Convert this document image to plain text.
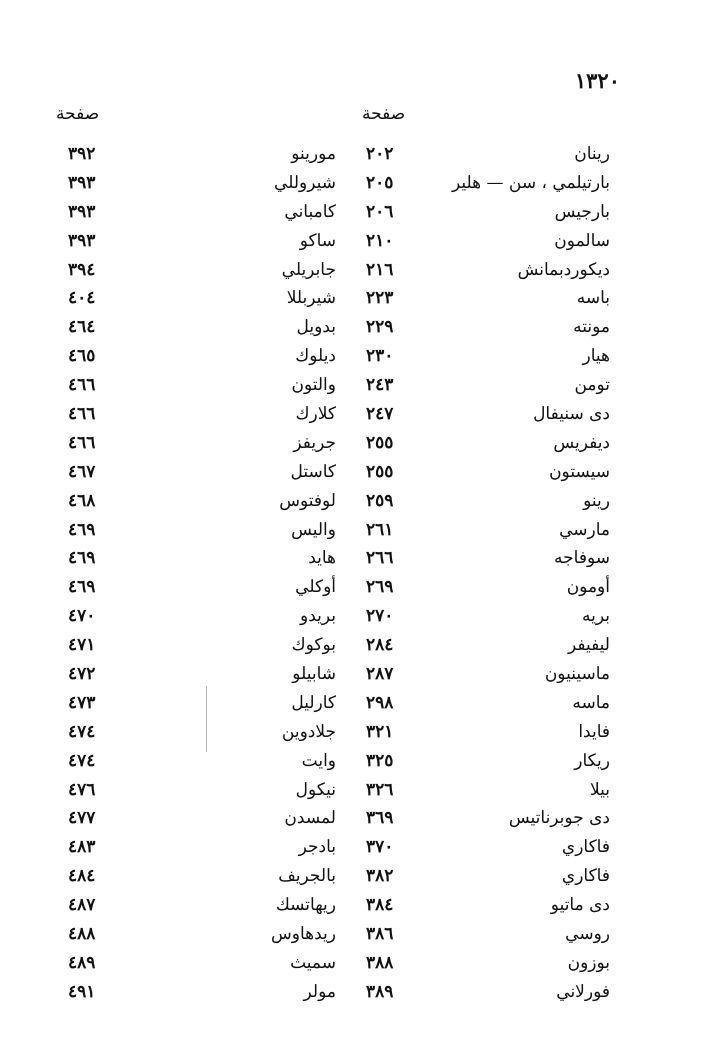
١٣٢٠
صفحة
صفحة
رينان
٢٠٢
مورينو
٣٩٢
بارتيلمي ، سن — هلير
٢٠٥
شيروللي
٣٩٣
بارجيس
٢٠٦
كامباني
٣٩٣
سالمون
٢١٠
ساكو
٣٩٣
ديكوردبمانش
٢١٦
جابريلي
٣٩٤
باسه
٢٢٣
شيربللا
٤٠٤
مونته
٢٢٩
بدويل
٤٦٤
هيار
٢٣٠
ديلوك
٤٦٥
تومن
٢٤٣
والتون
٤٦٦
دى سنيفال
٢٤٧
كلارك
٤٦٦
ديفريس
٢٥٥
جريفز
٤٦٦
سيستون
٢٥٥
كاستل
٤٦٧
رينو
٢٥٩
لوفتوس
٤٦٨
مارسي
٢٦١
واليس
٤٦٩
سوفاجه
٢٦٦
هايد
٤٦٩
أومون
٢٦٩
أوكلي
٤٦٩
بريه
٢٧٠
بريدو
٤٧٠
ليفيفر
٢٨٤
بوكوك
٤٧١
ماسينيون
٢٨٧
شابيلو
٤٧٢
ماسه
٢٩٨
كارليل
٤٧٣
فايدا
٣٢١
جلادوين
٤٧٤
ريكار
٣٢٥
وايت
٤٧٤
بيلا
٣٢٦
نيكول
٤٧٦
دى جوبرناتيس
٣٦٩
لمسدن
٤٧٧
فاكاري
٣٧٠
بادجر
٤٨٣
فاكاري
٣٨٢
بالجريف
٤٨٤
دى ماتيو
٣٨٤
ريهاتسك
٤٨٧
روسي
٣٨٦
ريدهاوس
٤٨٨
بوزون
٣٨٨
سميث
٤٨٩
فورلاني
٣٨٩
مولر
٤٩١
